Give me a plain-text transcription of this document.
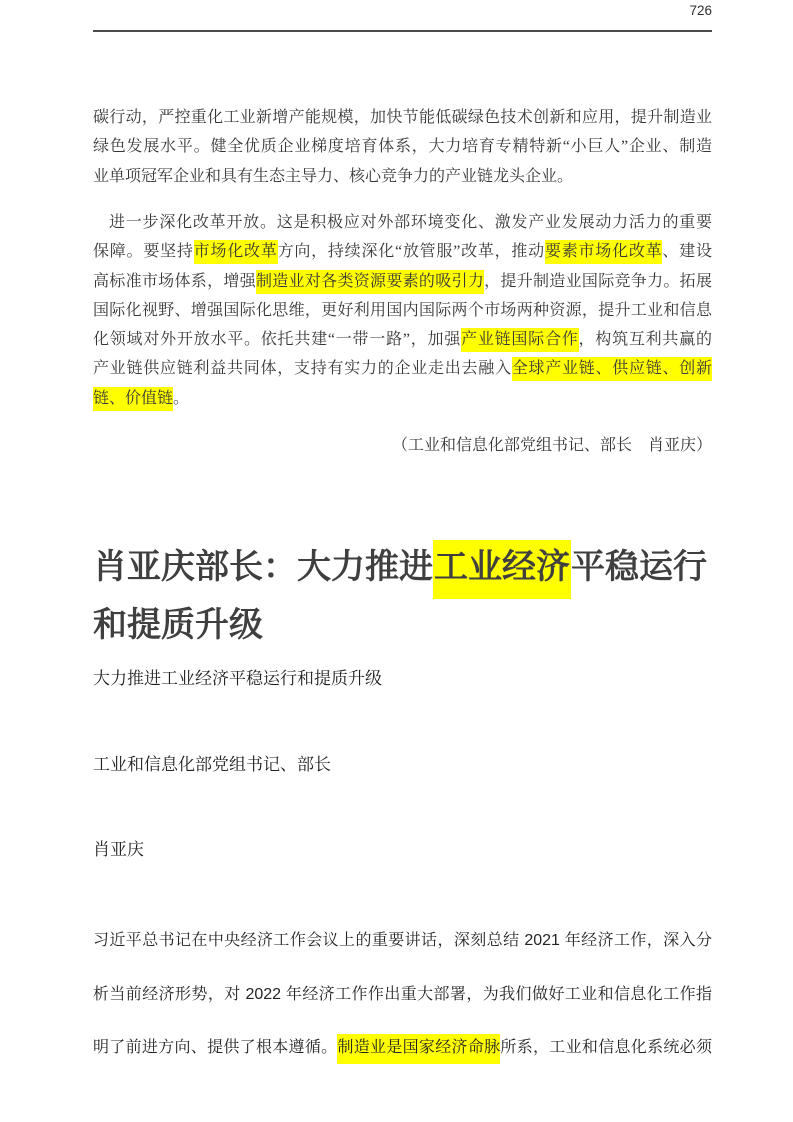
726
碳行动，严控重化工业新增产能规模，加快节能低碳绿色技术创新和应用，提升制造业
绿色发展水平。健全优质企业梯度培育体系，大力培育专精特新“小巨人”企业、制造
业单项冠军企业和具有生态主导力、核心竞争力的产业链龙头企业。
进一步深化改革开放。这是积极应对外部环境变化、激发产业发展动力活力的重要
保障。要坚持市场化改革方向，持续深化“放管服”改革，推动要素市场化改革、建设
高标准市场体系，增强制造业对各类资源要素的吸引力，提升制造业国际竞争力。拓展
国际化视野、增强国际化思维，更好利用国内国际两个市场两种资源，提升工业和信息
化领域对外开放水平。依托共建“一带一路”，加强产业链国际合作，构筑互利共赢的
产业链供应链利益共同体，支持有实力的企业走出去融入全球产业链、供应链、创新
链、价值链。
（工业和信息化部党组书记、部长　肖亚庆）
肖亚庆部长：大力推进工业经济平稳运行
和提质升级
大力推进工业经济平稳运行和提质升级
工业和信息化部党组书记、部长
肖亚庆
习近平总书记在中央经济工作会议上的重要讲话，深刻总结 2021 年经济工作，深入分
析当前经济形势，对 2022 年经济工作作出重大部署，为我们做好工业和信息化工作指
明了前进方向、提供了根本遵循。制造业是国家经济命脉所系，工业和信息化系统必须
